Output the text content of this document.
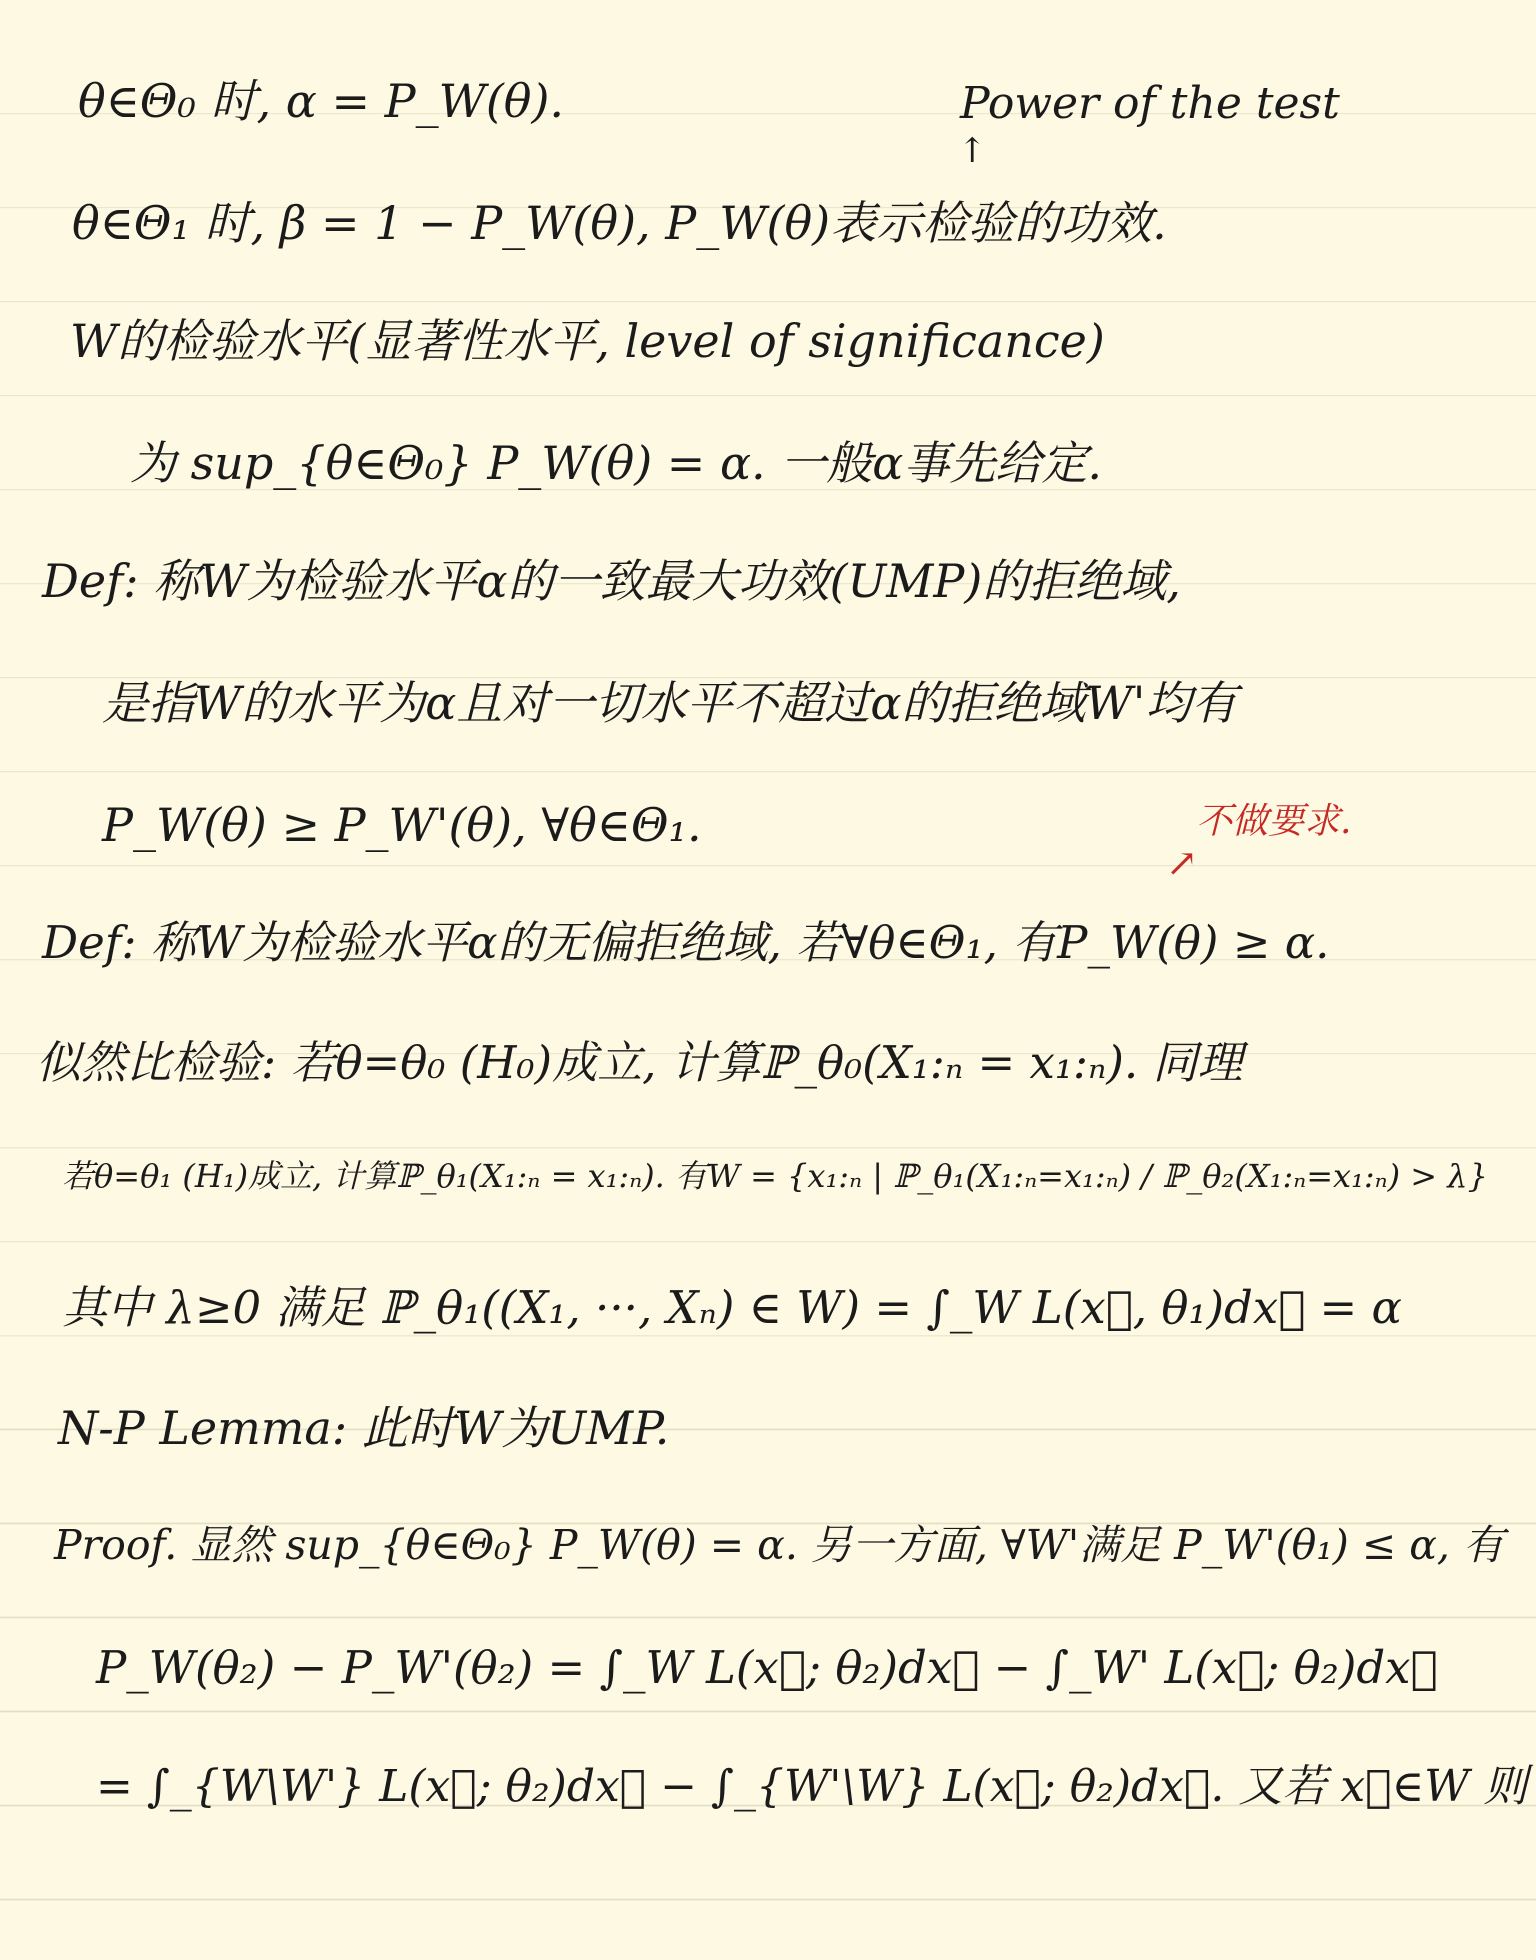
θ∈Θ₀ 时, α = P_W(θ).	Power of the test
↑
θ∈Θ₁ 时, β = 1 − P_W(θ), P_W(θ)表示检验的功效.
W的检验水平(显著性水平, level of significance)
为 sup_{θ∈Θ₀} P_W(θ) = α. 一般α事先给定.
Def: 称W为检验水平α的一致最大功效(UMP)的拒绝域,
是指W的水平为α且对一切水平不超过α的拒绝域W'均有
P_W(θ) ≥ P_W'(θ), ∀θ∈Θ₁.	不做要求.
↗
Def: 称W为检验水平α的无偏拒绝域, 若∀θ∈Θ₁, 有P_W(θ) ≥ α.
似然比检验: 若θ=θ₀ (H₀)成立, 计算ℙ_θ₀(X₁:ₙ = x₁:ₙ). 同理
若θ=θ₁ (H₁)成立, 计算ℙ_θ₁(X₁:ₙ = x₁:ₙ). 有W = {x₁:ₙ | ℙ_θ₁(X₁:ₙ=x₁:ₙ) / ℙ_θ₂(X₁:ₙ=x₁:ₙ) > λ}
其中 λ≥0 满足 ℙ_θ₁((X₁, ···, Xₙ) ∈ W) = ∫_W L(x⃗, θ₁)dx⃗ = α
N-P Lemma: 此时W为UMP.
Proof. 显然 sup_{θ∈Θ₀} P_W(θ) = α. 另一方面, ∀W'满足 P_W'(θ₁) ≤ α, 有
P_W(θ₂) − P_W'(θ₂) = ∫_W L(x⃗; θ₂)dx⃗ − ∫_W' L(x⃗; θ₂)dx⃗
= ∫_{W\W'} L(x⃗; θ₂)dx⃗ − ∫_{W'\W} L(x⃗; θ₂)dx⃗. 又若 x⃗∈W 则
